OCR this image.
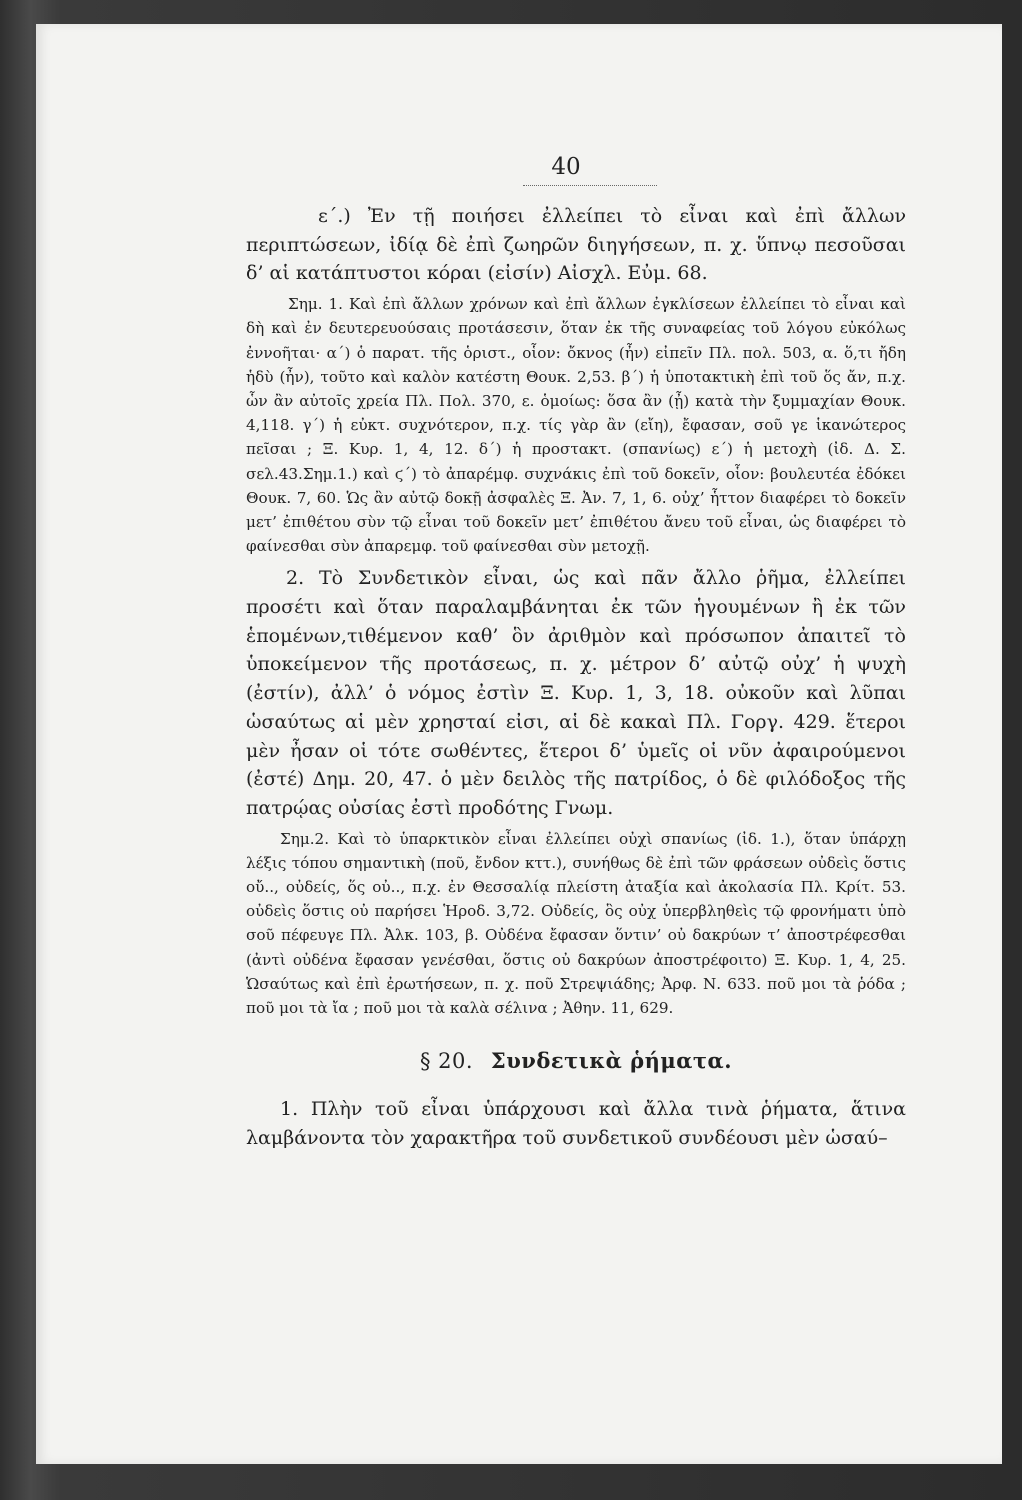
40

ε΄.) Ἐν τῇ ποιήσει ἐλλείπει τὸ εἶναι καὶ ἐπὶ ἄλλων περιπτώσεων, ἰδίᾳ δὲ ἐπὶ ζωηρῶν διηγήσεων, π. χ. ὕπνῳ πεσοῦσαι δ’ αἱ κατάπτυστοι κόραι (εἰσίν) Αἰσχλ. Εὐμ. 68.

Σημ. 1. Καὶ ἐπὶ ἄλλων χρόνων καὶ ἐπὶ ἄλλων ἐγκλίσεων ἐλλείπει τὸ εἶναι καὶ δὴ καὶ ἐν δευτερευούσαις προτάσεσιν, ὅταν ἐκ τῆς συναφείας τοῦ λόγου εὐκόλως ἐννοῆται· α΄) ὁ παρατ. τῆς ὁριστ., οἷον: ὄκνος (ἦν) εἰπεῖν Πλ. πολ. 503, α. ὅ,τι ἤδη ἡδὺ (ἦν), τοῦτο καὶ καλὸν κατέστη Θουκ. 2,53. β΄) ἡ ὑποτακτικὴ ἐπὶ τοῦ ὅς ἄν, π.χ. ὧν ἂν αὐτοῖς χρεία Πλ. Πολ. 370, ε. ὁμοίως: ὅσα ἂν (ᾖ) κατὰ τὴν ξυμμαχίαν Θουκ. 4,118. γ΄) ἡ εὐκτ. συχνότερον, π.χ. τίς γὰρ ἂν (εἴη), ἔφασαν, σοῦ γε ἱκανώτερος πεῖσαι ; Ξ. Κυρ. 1, 4, 12. δ΄) ἡ προστακτ. (σπανίως) ε΄) ἡ μετοχὴ (ἰδ. Δ. Σ. σελ.43.Σημ.1.) καὶ ϛ΄) τὸ ἀπαρέμφ. συχνάκις ἐπὶ τοῦ δοκεῖν, οἷον: βουλευτέα ἐδόκει Θουκ. 7, 60. Ὡς ἂν αὐτῷ δοκῇ ἀσφαλὲς Ξ. Ἀν. 7, 1, 6. οὐχ’ ἧττον διαφέρει τὸ δοκεῖν μετ’ ἐπιθέτου σὺν τῷ εἶναι τοῦ δοκεῖν μετ’ ἐπιθέτου ἄνευ τοῦ εἶναι, ὡς διαφέρει τὸ φαίνεσθαι σὺν ἀπαρεμφ. τοῦ φαίνεσθαι σὺν μετοχῇ.

2. Τὸ Συνδετικὸν εἶναι, ὡς καὶ πᾶν ἄλλο ῥῆμα, ἐλλείπει προσέτι καὶ ὅταν παραλαμβάνηται ἐκ τῶν ἡγουμένων ἢ ἐκ τῶν ἑπομένων,τιθέμενον καθ’ ὃν ἀριθμὸν καὶ πρόσωπον ἀπαιτεῖ τὸ ὑποκείμενον τῆς προτάσεως, π. χ. μέτρον δ’ αὐτῷ οὐχ’ ἡ ψυχὴ (ἐστίν), ἀλλ’ ὁ νόμος ἐστὶν Ξ. Κυρ. 1, 3, 18. οὐκοῦν καὶ λῦπαι ὡσαύτως αἱ μὲν χρησταί εἰσι, αἱ δὲ κακαὶ Πλ. Γοργ. 429. ἕτεροι μὲν ἦσαν οἱ τότε σωθέντες, ἕτεροι δ’ ὑμεῖς οἱ νῦν ἀφαιρούμενοι (ἐστέ) Δημ. 20, 47. ὁ μὲν δειλὸς τῆς πατρίδος, ὁ δὲ φιλόδοξος τῆς πατρῴας οὐσίας ἐστὶ προδότης Γνωμ.

Σημ.2. Καὶ τὸ ὑπαρκτικὸν εἶναι ἐλλείπει οὐχὶ σπανίως (ἰδ. 1.), ὅταν ὑπάρχῃ λέξις τόπου σημαντικὴ (ποῦ, ἔνδον κττ.), συνήθως δὲ ἐπὶ τῶν φράσεων οὐδεὶς ὅστις οὔ.., οὐδείς, ὅς οὐ.., π.χ. ἐν Θεσσαλίᾳ πλείστη ἀταξία καὶ ἀκολασία Πλ. Κρίτ. 53. οὐδεὶς ὅστις οὐ παρήσει Ἡροδ. 3,72. Οὐδείς, ὃς οὐχ ὑπερβληθεὶς τῷ φρονήματι ὑπὸ σοῦ πέφευγε Πλ. Ἀλκ. 103, β. Οὐδένα ἔφασαν ὅντιν’ οὐ δακρύων τ’ ἀποστρέφεσθαι (ἀντὶ οὐδένα ἔφασαν γενέσθαι, ὅστις οὐ δακρύων ἀποστρέφοιτο) Ξ. Κυρ. 1, 4, 25. Ὡσαύτως καὶ ἐπὶ ἐρωτήσεων, π. χ. ποῦ Στρεψιάδης; Ἀρφ. Ν. 633. ποῦ μοι τὰ ῥόδα ; ποῦ μοι τὰ ἴα ; ποῦ μοι τὰ καλὰ σέλινα ; Ἀθην. 11, 629.

§ 20. Συνδετικὰ ῥήματα.

1. Πλὴν τοῦ εἶναι ὑπάρχουσι καὶ ἄλλα τινὰ ῥήματα, ἅτινα λαμβάνοντα τὸν χαρακτῆρα τοῦ συνδετικοῦ συνδέουσι μὲν ὡσαύ–
